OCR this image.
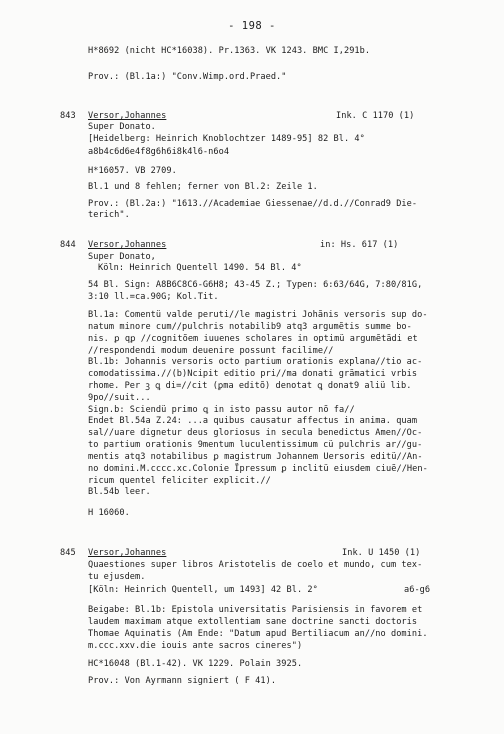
- 198 -
H*8692 (nicht HC*16038). Pr.1363. VK 1243. BMC I,291b.
Prov.: (Bl.1a:) "Conv.Wimp.ord.Praed."
843 Versor,Johannes	Ink. C 1170 (1)
Super Donato.
[Heidelberg: Heinrich Knoblochtzer 1489-95] 82 Bl. 4°
a8b4c6d6e4f8g6h6i8k4l6-n6o4
H*16057. VB 2709.
Bl.1 und 8 fehlen; ferner von Bl.2: Zeile 1.
Prov.: (Bl.2a:) "1613.//Academiae Giessenae//d.d.//Conrad9 Die-
terich".
844 Versor,Johannes	in: Hs. 617 (1)
Super Donato,
Köln: Heinrich Quentell 1490. 54 Bl. 4°
54 Bl. Sign: A8B6C8C6-G6H8; 43-45 Z.; Typen: 6:63/64G, 7:80/81G,
3:10 ll.=ca.90G; Kol.Tit.
Bl.1a: Comentü valde peruti//le magistri Johãnis versoris sup do-
natum minore cum//pulchris notabilib9 atq3 argumẽtis summe bo-
nis. ꝑ qꝑ //cognitõem iuuenes scholares in optimü argumẽtãdi et
//respondendi modum deuenire possunt facilime//
Bl.1b: Johannis versoris octo partium orationis explana//tio ac-
comodatissima.//(b)Ncipit editio pri//ma donati grãmatici vrbis
rhome. Per ꝫ ꝗ di=//cit (ꝑma editõ) denotat ꝗ donat9 aliü lib.
9po//suit...
Sign.b: Sciendü primo ꝗ in isto passu autor nõ fa//
Endet Bl.54a Z.24: ...a quibus causatur affectus in anima. quam
sal//uare dignetur deus gloriosus in secula benedictus Amen//Oc-
to partium orationis 9mentum luculentissimum cü pulchris ar//gu-
mentis atq3 notabilibus ꝑ magistrum Johannem Uersoris editü//An-
no domini.M.cccc.xc.Colonie Ïpressum ꝑ inclitü eiusdem ciuẽ//Hen-
ricum quentel feliciter explicit.//
Bl.54b leer.
H 16060.
845 Versor,Johannes	Ink. U 1450 (1)
Quaestiones super libros Aristotelis de coelo et mundo, cum tex-
tu ejusdem.
[Köln: Heinrich Quentell, um 1493] 42 Bl. 2°	a6-g6
Beigabe: Bl.1b: Epistola universitatis Parisiensis in favorem et
laudem maximam atque extollentiam sane doctrine sancti doctoris
Thomae Aquinatis (Am Ende: "Datum apud Bertiliacum an//no domini.
m.ccc.xxv.die iouis ante sacros cineres")
HC*16048 (Bl.1-42). VK 1229. Polain 3925.
Prov.: Von Ayrmann signiert ( F 41).
